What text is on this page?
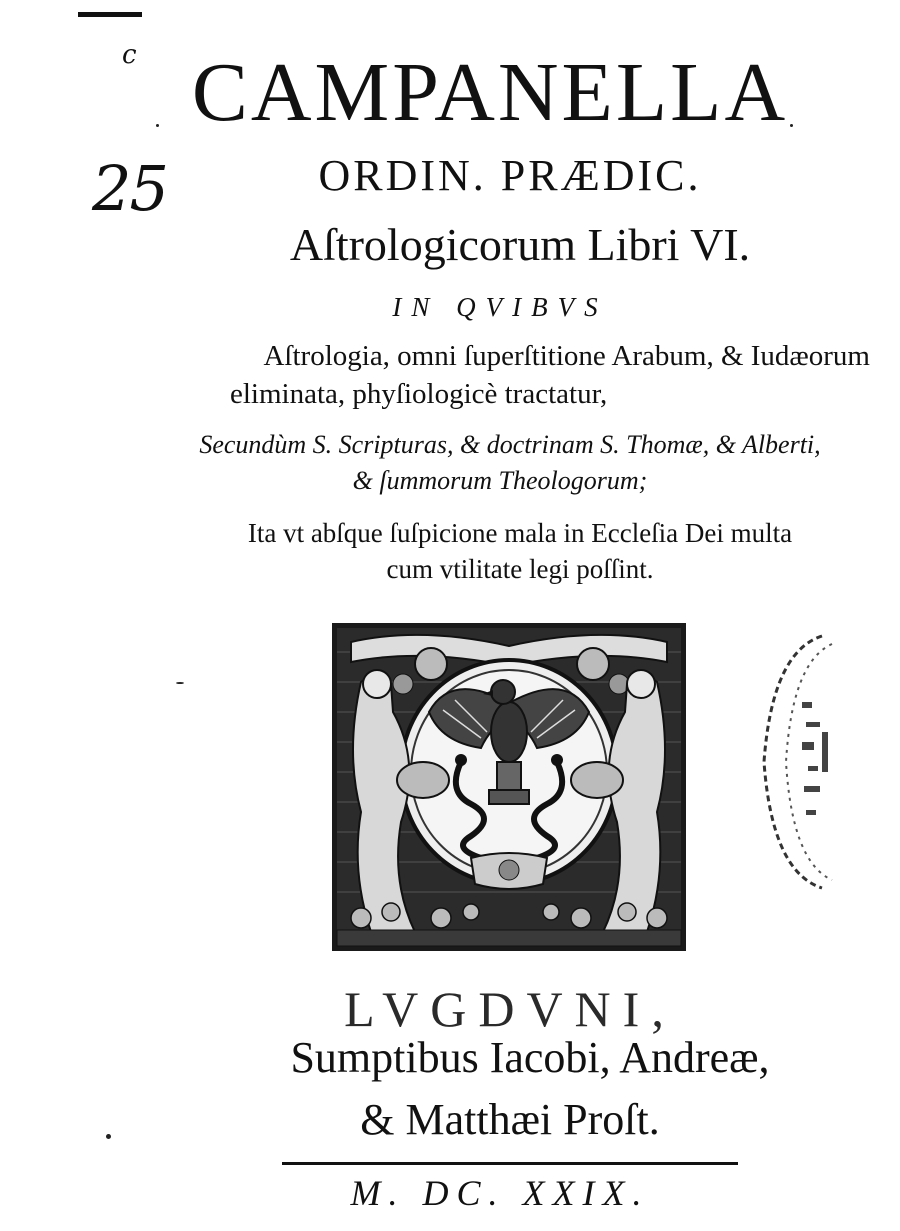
c
25
CAMPANELLA
ORDIN. PRÆDIC.
Aſtrologicorum Libri VI.
IN QVIBVS
Aſtrologia, omni ſuperſtitione Arabum, & Iudæorum
eliminata, phyſiologicè tractatur,
Secundùm S. Scripturas, & doctrinam S. Thomæ, & Alberti,
& ſummorum Theologorum;
Ita vt abſque ſuſpicione mala in Eccleſia Dei multa
cum vtilitate legi poſſint.
LVGDVNI,
Sumptibus Iacobi, Andreæ,
& Matthæi Proſt.
M. DC. XXIX.
